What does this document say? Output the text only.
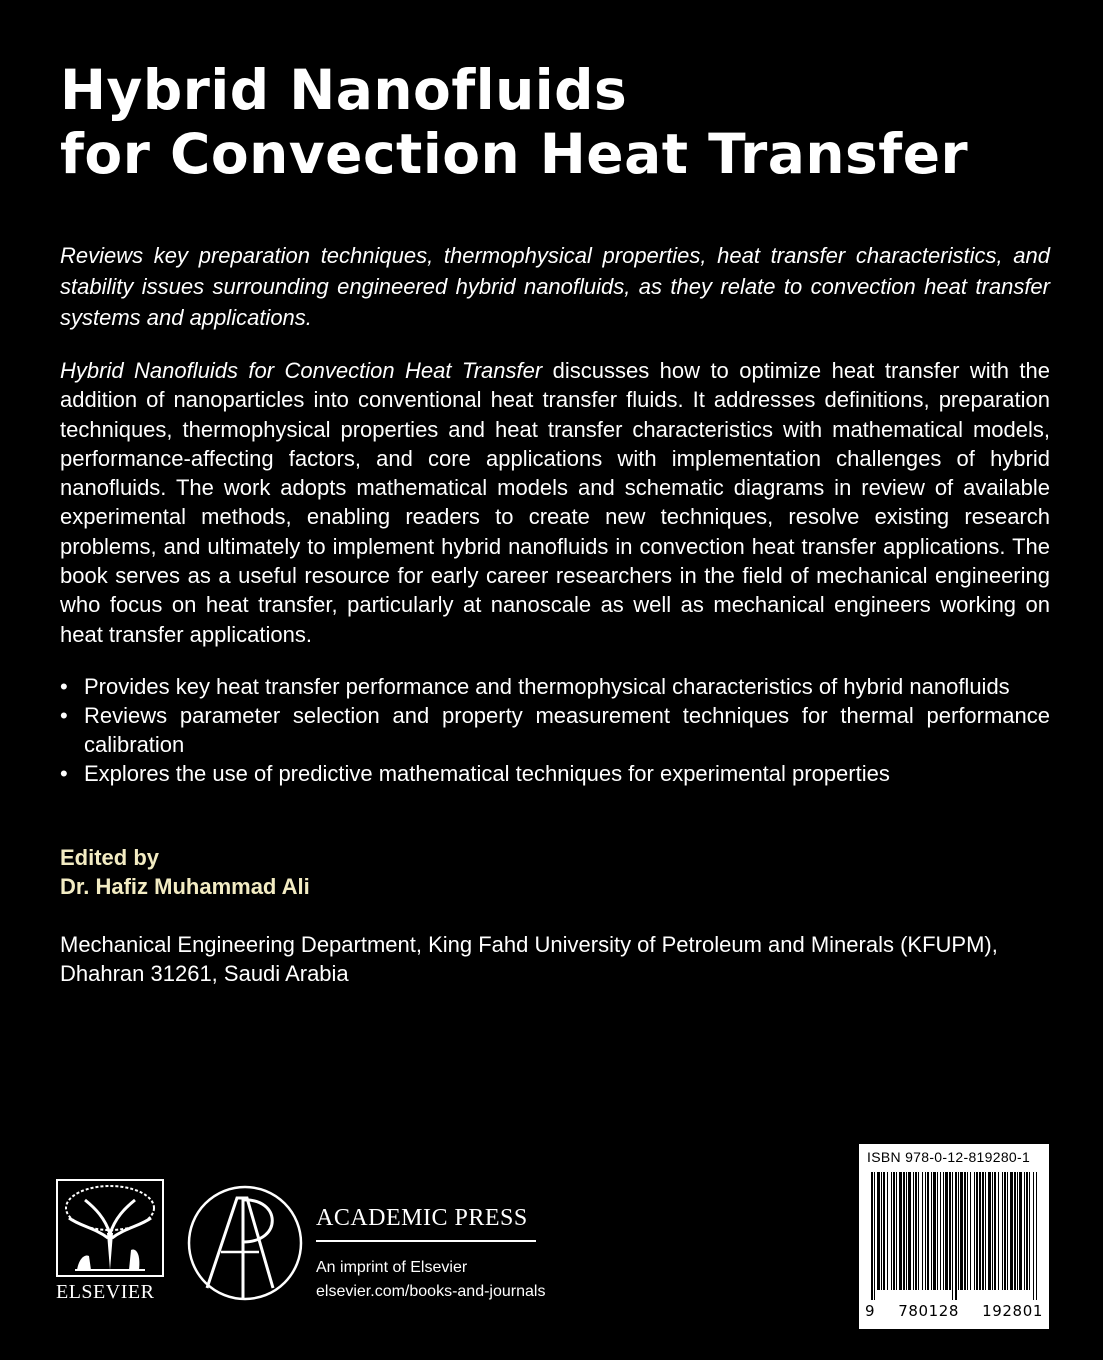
Hybrid Nanofluids
for Convection Heat Transfer

Reviews key preparation techniques, thermophysical properties, heat transfer characteristics, and stability issues surrounding engineered hybrid nanofluids, as they relate to convection heat transfer systems and applications.

Hybrid Nanofluids for Convection Heat Transfer discusses how to optimize heat transfer with the addition of nanoparticles into conventional heat transfer fluids. It addresses definitions, preparation techniques, thermophysical properties and heat transfer characteristics with mathematical models, performance-affecting factors, and core applications with implementation challenges of hybrid nanofluids. The work adopts mathematical models and schematic diagrams in review of available experimental methods, enabling readers to create new techniques, resolve existing research problems, and ultimately to implement hybrid nanofluids in convection heat transfer applications. The book serves as a useful resource for early career researchers in the field of mechanical engineering who focus on heat transfer, particularly at nanoscale as well as mechanical engineers working on heat transfer applications.

• Provides key heat transfer performance and thermophysical characteristics of hybrid nanofluids
• Reviews parameter selection and property measurement techniques for thermal performance calibration
• Explores the use of predictive mathematical techniques for experimental properties

Edited by
Dr. Hafiz Muhammad Ali

Mechanical Engineering Department, King Fahd University of Petroleum and Minerals (KFUPM),
Dhahran 31261, Saudi Arabia

ELSEVIER
ACADEMIC PRESS
An imprint of Elsevier
elsevier.com/books-and-journals
ISBN 978-0-12-819280-1
9 780128 192801
